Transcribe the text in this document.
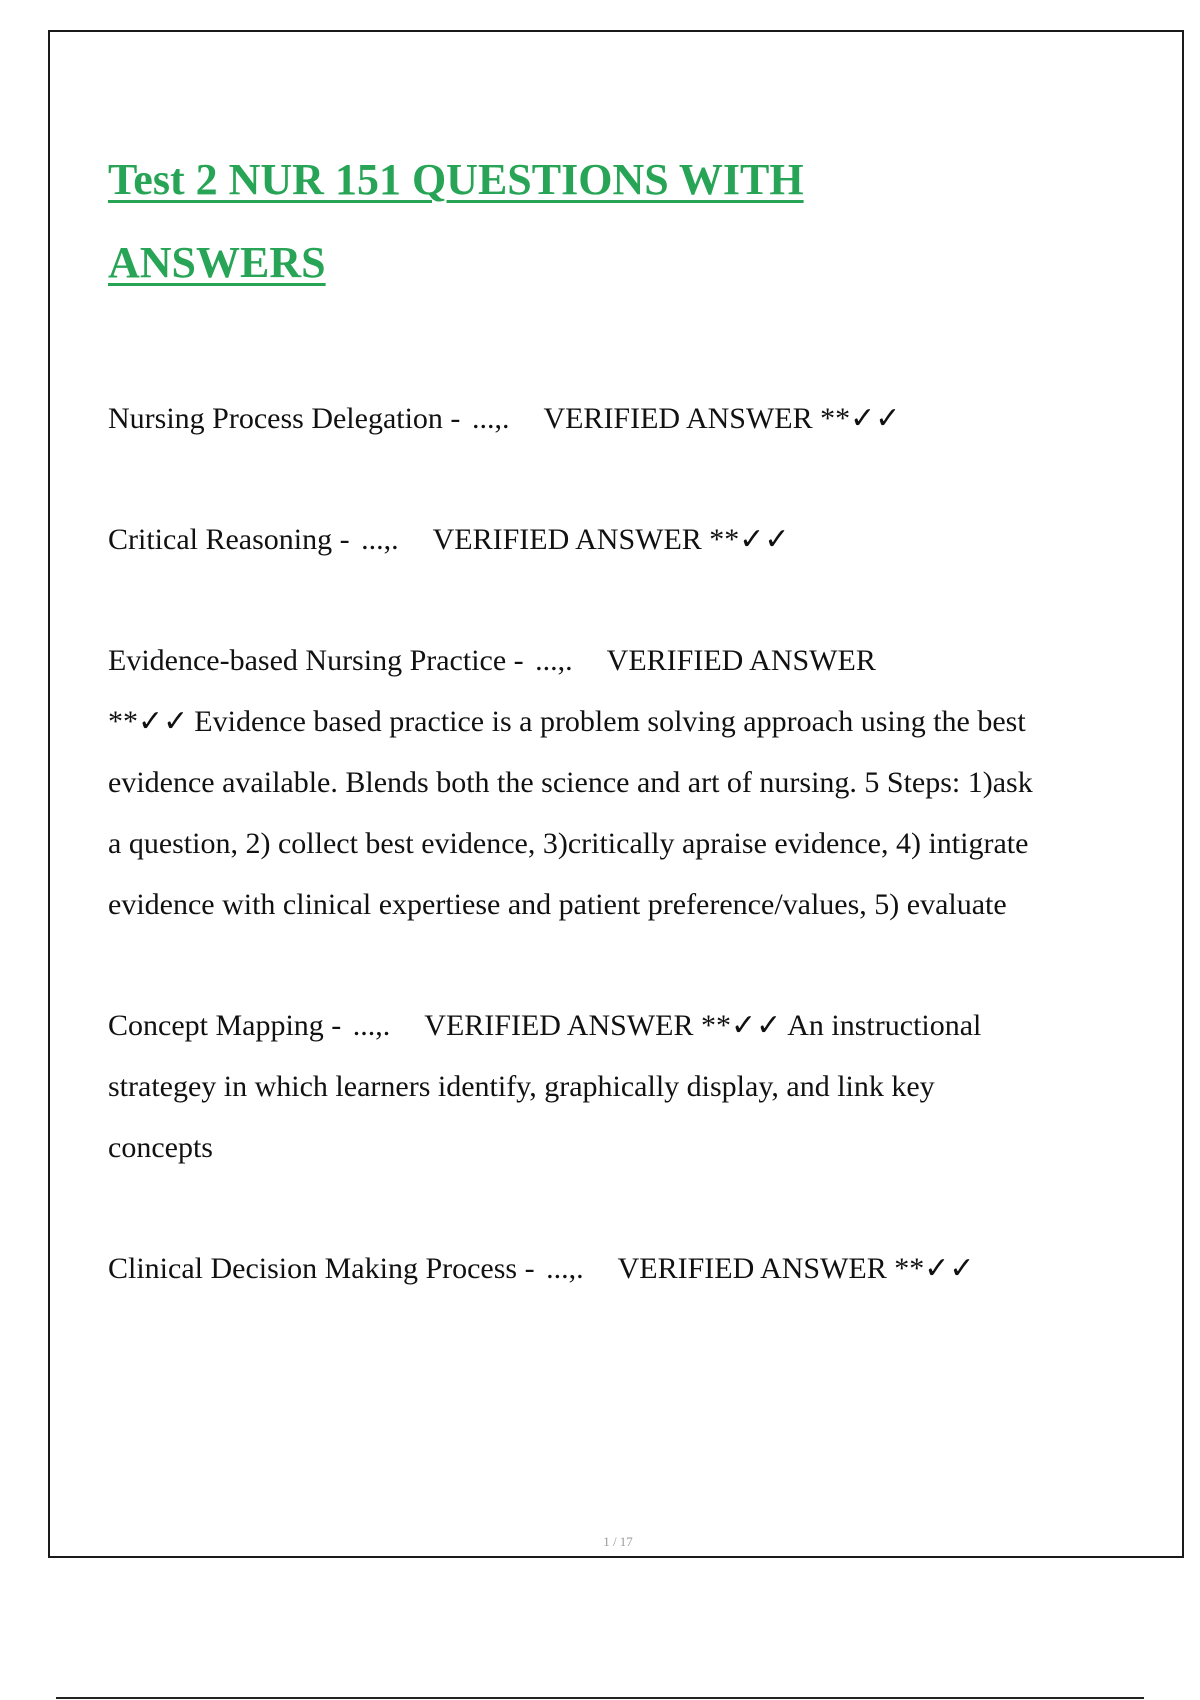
Test 2 NUR 151 QUESTIONS WITH ANSWERS
1 / 17

Nursing Process Delegation - ...,. VERIFIED ANSWER **✓✓

Critical Reasoning - ...,. VERIFIED ANSWER **✓✓

Evidence-based Nursing Practice - ...,. VERIFIED ANSWER **✓✓ Evidence based practice is a problem solving approach using the best evidence available. Blends both the science and art of nursing. 5 Steps: 1)ask a question, 2) collect best evidence, 3)critically apraise evidence, 4) intigrate evidence with clinical expertiese and patient preference/values, 5) evaluate

Concept Mapping - ...,. VERIFIED ANSWER **✓✓ An instructional strategey in which learners identify, graphically display, and link key concepts

Clinical Decision Making Process - ...,. VERIFIED ANSWER **✓✓
